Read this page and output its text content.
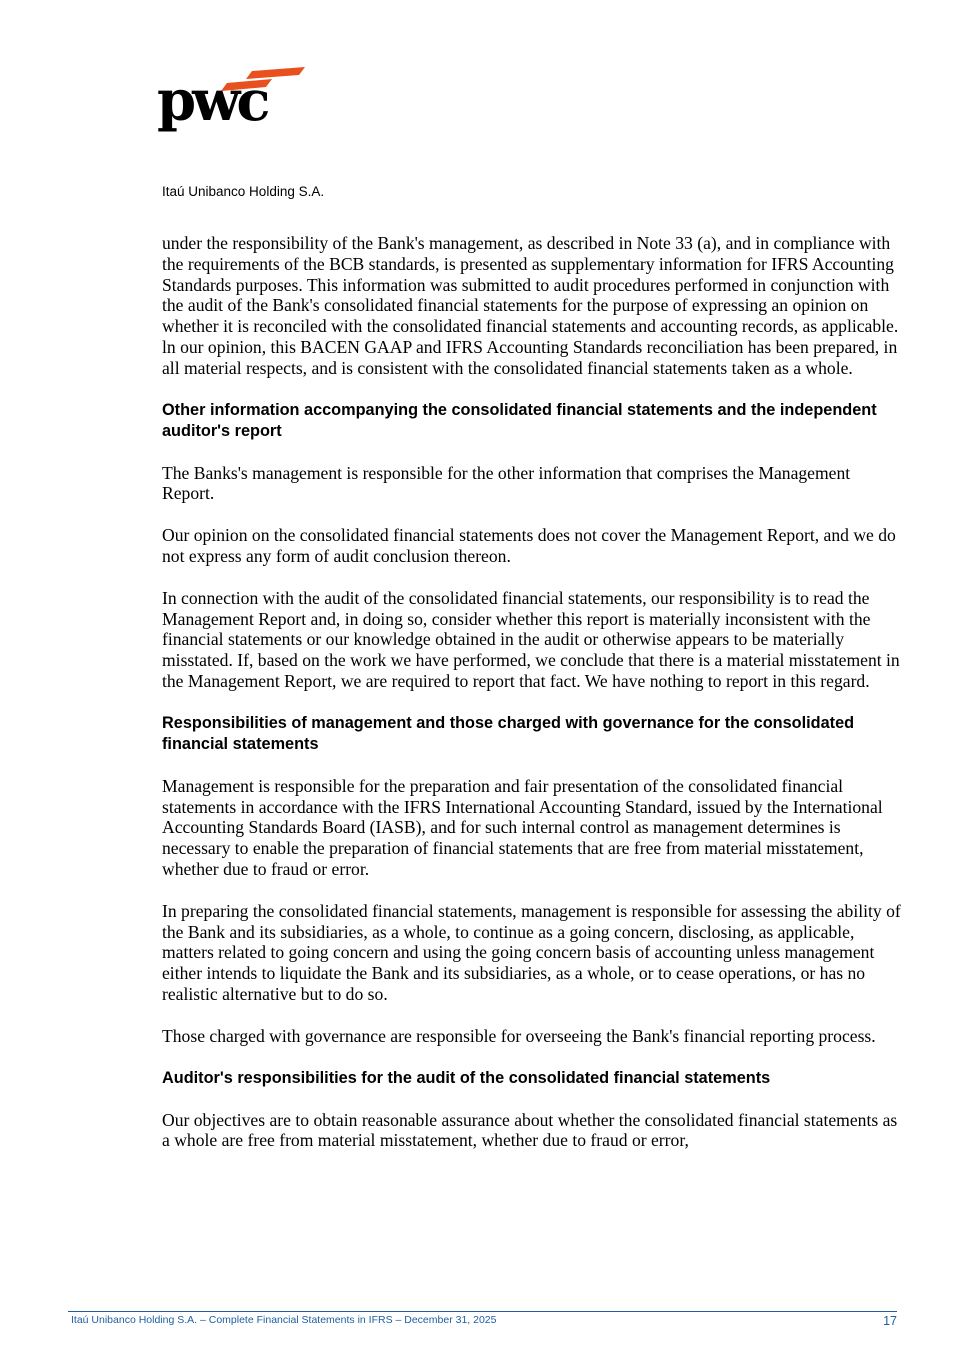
pwc
Itaú Unibanco Holding S.A.

under the responsibility of the Bank's management, as described in Note 33 (a), and in compliance with the requirements of the BCB standards, is presented as supplementary information for IFRS Accounting Standards purposes. This information was submitted to audit procedures performed in conjunction with the audit of the Bank's consolidated financial statements for the purpose of expressing an opinion on whether it is reconciled with the consolidated financial statements and accounting records, as applicable. ln our opinion, this BACEN GAAP and IFRS Accounting Standards reconciliation has been prepared, in all material respects, and is consistent with the consolidated financial statements taken as a whole.

Other information accompanying the consolidated financial statements and the independent auditor's report

The Banks's management is responsible for the other information that comprises the Management Report.

Our opinion on the consolidated financial statements does not cover the Management Report, and we do not express any form of audit conclusion thereon.

In connection with the audit of the consolidated financial statements, our responsibility is to read the Management Report and, in doing so, consider whether this report is materially inconsistent with the financial statements or our knowledge obtained in the audit or otherwise appears to be materially misstated. If, based on the work we have performed, we conclude that there is a material misstatement in the Management Report, we are required to report that fact. We have nothing to report in this regard.

Responsibilities of management and those charged with governance for the consolidated financial statements

Management is responsible for the preparation and fair presentation of the consolidated financial statements in accordance with the IFRS International Accounting Standard, issued by the International Accounting Standards Board (IASB), and for such internal control as management determines is necessary to enable the preparation of financial statements that are free from material misstatement, whether due to fraud or error.

In preparing the consolidated financial statements, management is responsible for assessing the ability of the Bank and its subsidiaries, as a whole, to continue as a going concern, disclosing, as applicable, matters related to going concern and using the going concern basis of accounting unless management either intends to liquidate the Bank and its subsidiaries, as a whole, or to cease operations, or has no realistic alternative but to do so.

Those charged with governance are responsible for overseeing the Bank's financial reporting process.

Auditor's responsibilities for the audit of the consolidated financial statements

Our objectives are to obtain reasonable assurance about whether the consolidated financial statements as a whole are free from material misstatement, whether due to fraud or error,

Itaú Unibanco Holding S.A. – Complete Financial Statements in IFRS – December 31, 2025	17
